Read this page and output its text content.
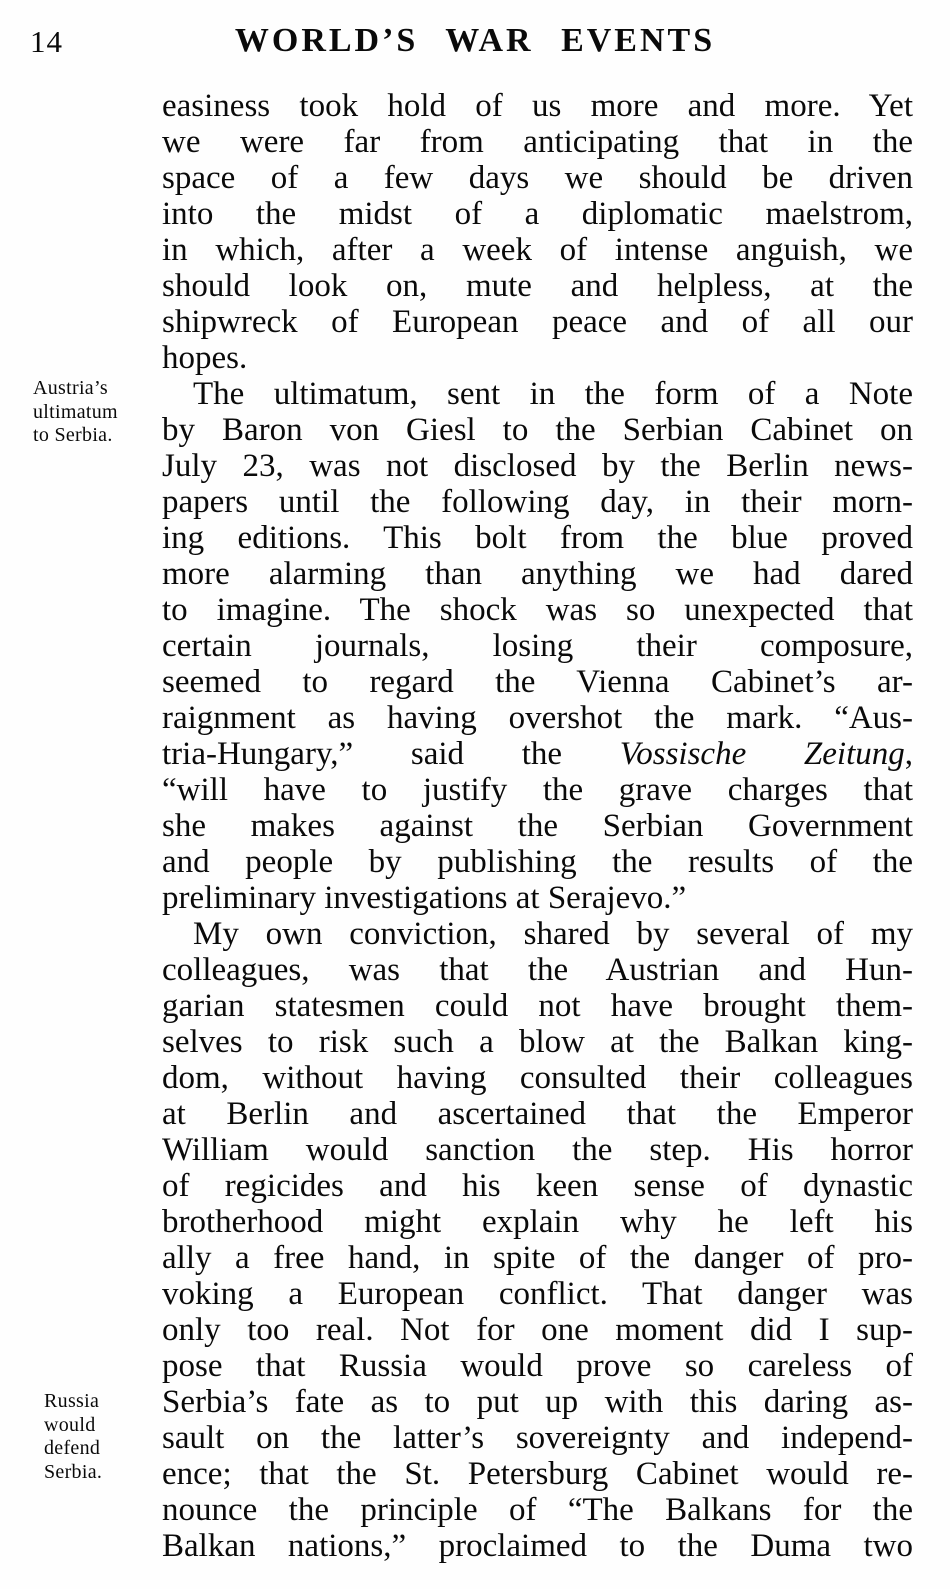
14	WORLD’S WAR EVENTS
Austria’s
ultimatum
to Serbia.
Russia
would
defend
Serbia.
easiness took hold of us more and more. Yet
we were far from anticipating that in the
space of a few days we should be driven
into the midst of a diplomatic maelstrom,
in which, after a week of intense anguish, we
should look on, mute and helpless, at the
shipwreck of European peace and of all our
hopes.
The ultimatum, sent in the form of a Note
by Baron von Giesl to the Serbian Cabinet on
July 23, was not disclosed by the Berlin news-
papers until the following day, in their morn-
ing editions. This bolt from the blue proved
more alarming than anything we had dared
to imagine. The shock was so unexpected that
certain journals, losing their composure,
seemed to regard the Vienna Cabinet’s ar-
raignment as having overshot the mark. “Aus-
tria-Hungary,” said the Vossische Zeitung,
“will have to justify the grave charges that
she makes against the Serbian Government
and people by publishing the results of the
preliminary investigations at Serajevo.”
My own conviction, shared by several of my
colleagues, was that the Austrian and Hun-
garian statesmen could not have brought them-
selves to risk such a blow at the Balkan king-
dom, without having consulted their colleagues
at Berlin and ascertained that the Emperor
William would sanction the step. His horror
of regicides and his keen sense of dynastic
brotherhood might explain why he left his
ally a free hand, in spite of the danger of pro-
voking a European conflict. That danger was
only too real. Not for one moment did I sup-
pose that Russia would prove so careless of
Serbia’s fate as to put up with this daring as-
sault on the latter’s sovereignty and independ-
ence; that the St. Petersburg Cabinet would re-
nounce the principle of “The Balkans for the
Balkan nations,” proclaimed to the Duma two
